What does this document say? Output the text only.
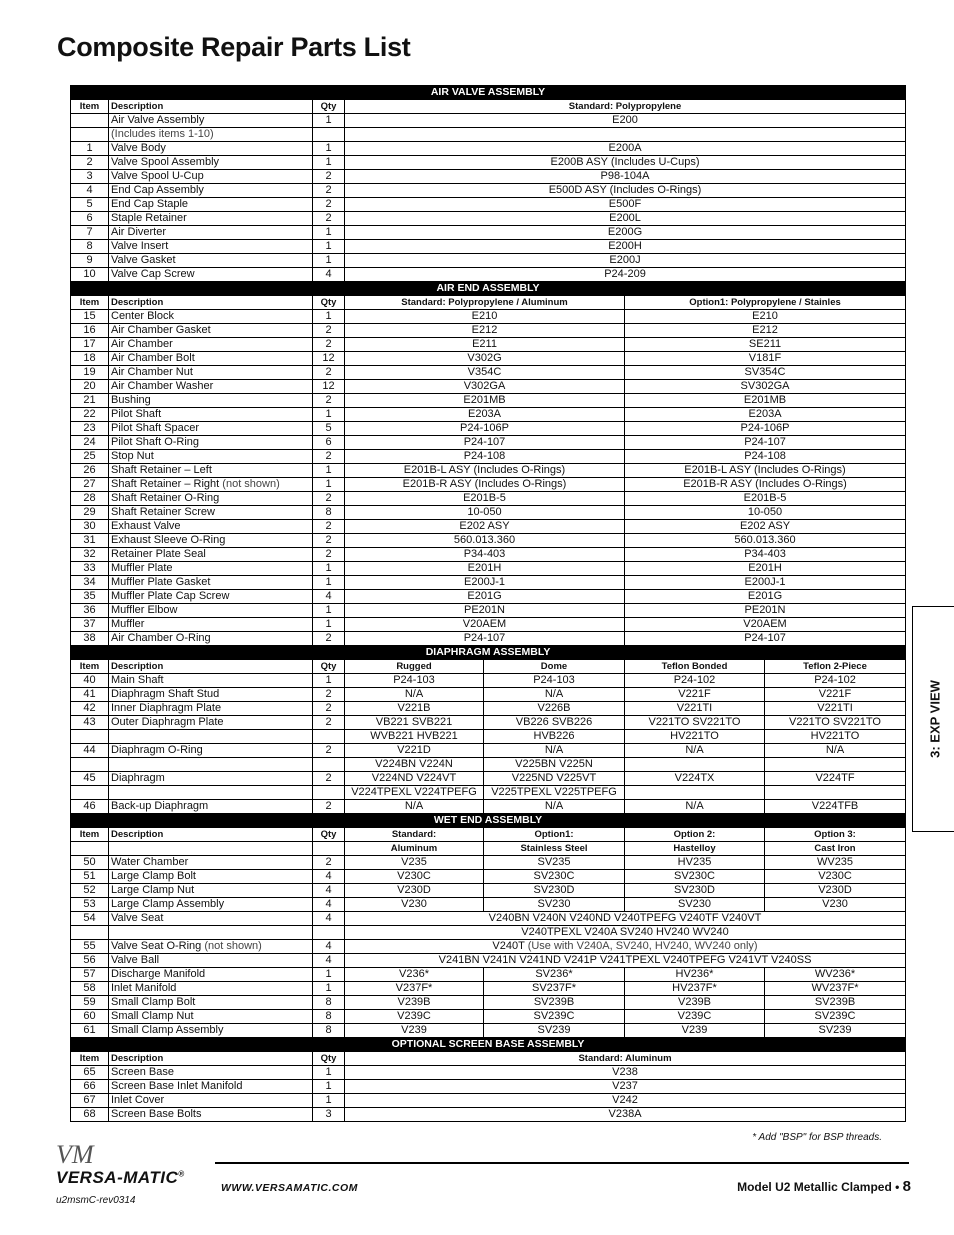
Composite Repair Parts List
AIR VALVE ASSEMBLY						
Item	Description	Qty	Standard: Polypropylene			
	Air Valve Assembly	1	E200			
	(Includes items 1-10)					
1	Valve Body	1	E200A			
2	Valve Spool Assembly	1	E200B ASY (Includes U-Cups)			
3	Valve Spool U-Cup	2	P98-104A			
4	End Cap Assembly	2	E500D ASY (Includes O-Rings)			
5	End Cap Staple	2	E500F			
6	Staple Retainer	2	E200L			
7	Air Diverter	1	E200G			
8	Valve Insert	1	E200H			
9	Valve Gasket	1	E200J			
10	Valve Cap Screw	4	P24-209			
AIR END ASSEMBLY						
Item	Description	Qty	Standard: Polypropylene / Aluminum		Option1: Polypropylene / Stainles	
15	Center Block	1	E210		E210	
16	Air Chamber Gasket	2	E212		E212	
17	Air Chamber	2	E211		SE211	
18	Air Chamber Bolt	12	V302G		V181F	
19	Air Chamber Nut	2	V354C		SV354C	
20	Air Chamber Washer	12	V302GA		SV302GA	
21	Bushing	2	E201MB		E201MB	
22	Pilot Shaft	1	E203A		E203A	
23	Pilot Shaft Spacer	5	P24-106P		P24-106P	
24	Pilot Shaft O-Ring	6	P24-107		P24-107	
25	Stop Nut	2	P24-108		P24-108	
26	Shaft Retainer – Left	1	E201B-L ASY (Includes O-Rings)		E201B-L ASY (Includes O-Rings)	
27	Shaft Retainer – Right (not shown)	1	E201B-R ASY (Includes O-Rings)		E201B-R ASY (Includes O-Rings)	
28	Shaft Retainer O-Ring	2	E201B-5		E201B-5	
29	Shaft Retainer Screw	8	10-050		10-050	
30	Exhaust Valve	2	E202 ASY		E202 ASY	
31	Exhaust Sleeve O-Ring	2	560.013.360		560.013.360	
32	Retainer Plate Seal	2	P34-403		P34-403	
33	Muffler Plate	1	E201H		E201H	
34	Muffler Plate Gasket	1	E200J-1		E200J-1	
35	Muffler Plate Cap Screw	4	E201G		E201G	
36	Muffler Elbow	1	PE201N		PE201N	
37	Muffler	1	V20AEM		V20AEM	
38	Air Chamber O-Ring	2	P24-107		P24-107	
DIAPHRAGM ASSEMBLY						
Item	Description	Qty	Rugged	Dome	Teflon Bonded	Teflon 2-Piece
40	Main Shaft	1	P24-103	P24-103	P24-102	P24-102
41	Diaphragm Shaft Stud	2	N/A	N/A	V221F	V221F
42	Inner Diaphragm Plate	2	V221B	V226B	V221TI	V221TI
43	Outer Diaphragm Plate	2	VB221 SVB221	VB226 SVB226	V221TO SV221TO	V221TO SV221TO
			WVB221 HVB221	HVB226	HV221TO	HV221TO
44	Diaphragm O-Ring	2	V221D	N/A	N/A	N/A
			V224BN V224N	V225BN V225N		
45	Diaphragm	2	V224ND V224VT	V225ND V225VT	V224TX	V224TF
			V224TPEXL V224TPEFG	V225TPEXL V225TPEFG		
46	Back-up Diaphragm	2	N/A	N/A	N/A	V224TFB
WET END ASSEMBLY						
Item	Description	Qty	Standard:	Option1:	Option 2:	Option 3:
			Aluminum	Stainless Steel	Hastelloy	Cast Iron
50	Water Chamber	2	V235	SV235	HV235	WV235
51	Large Clamp Bolt	4	V230C	SV230C	SV230C	V230C
52	Large Clamp Nut	4	V230D	SV230D	SV230D	V230D
53	Large Clamp Assembly	4	V230	SV230	SV230	V230
54	Valve Seat	4	V240BN V240N V240ND V240TPEFG V240TF V240VT			
			V240TPEXL V240A SV240 HV240 WV240			
55	Valve Seat O-Ring (not shown)	4	V240T (Use with V240A, SV240, HV240, WV240 only)			
56	Valve Ball	4	V241BN V241N V241ND V241P V241TPEXL V240TPEFG V241VT V240SS			
57	Discharge Manifold	1	V236*	SV236*	HV236*	WV236*
58	Inlet Manifold	1	V237F*	SV237F*	HV237F*	WV237F*
59	Small Clamp Bolt	8	V239B	SV239B	V239B	SV239B
60	Small Clamp Nut	8	V239C	SV239C	V239C	SV239C
61	Small Clamp Assembly	8	V239	SV239	V239	SV239
OPTIONAL SCREEN BASE ASSEMBLY						
Item	Description	Qty	Standard: Aluminum			
65	Screen Base	1	V238			
66	Screen Base Inlet Manifold	1	V237			
67	Inlet Cover	1	V242			
68	Screen Base Bolts	3	V238A			
3: EXP VIEW
* Add "BSP" for BSP threads.
VM
VERSA-MATIC®
u2msmC-rev0314
WWW.VERSAMATIC.COM	Model U2 Metallic Clamped • 8
